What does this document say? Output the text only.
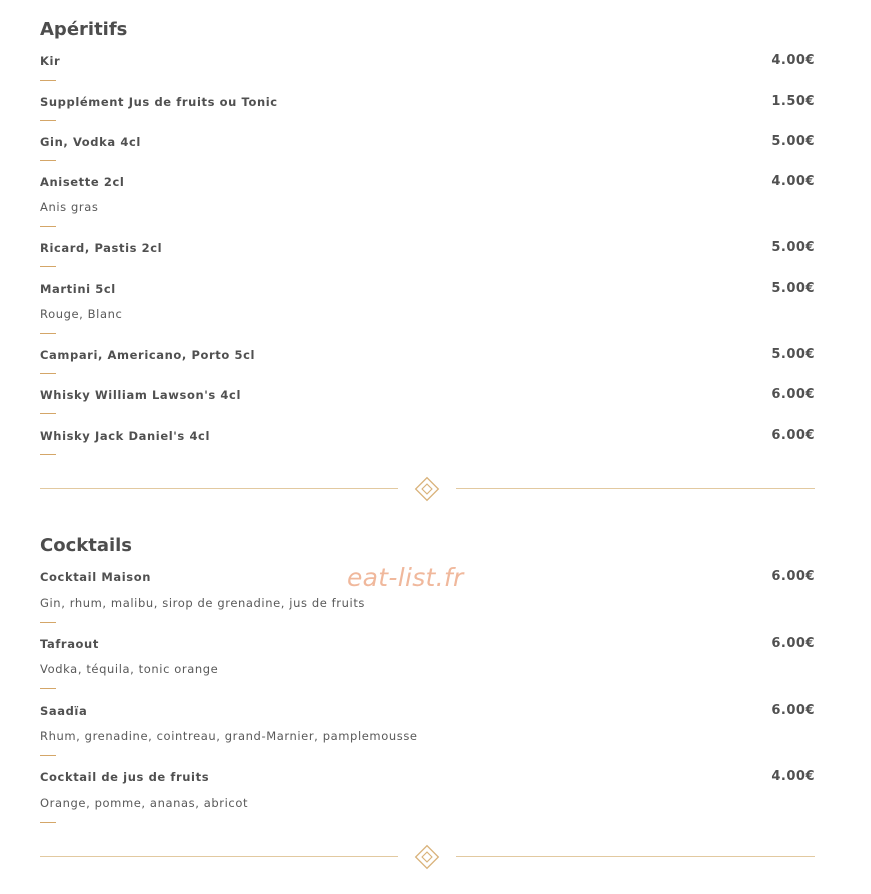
Apéritifs
Kir	4.00€
Supplément Jus de fruits ou Tonic	1.50€
Gin, Vodka 4cl	5.00€
Anisette 2cl	4.00€
Anis gras
Ricard, Pastis 2cl	5.00€
Martini 5cl	5.00€
Rouge, Blanc
Campari, Americano, Porto 5cl	5.00€
Whisky William Lawson's 4cl	6.00€
Whisky Jack Daniel's 4cl	6.00€
Cocktails
Cocktail Maison	6.00€
Gin, rhum, malibu, sirop de grenadine, jus de fruits
Tafraout	6.00€
Vodka, téquila, tonic orange
Saadïa	6.00€
Rhum, grenadine, cointreau, grand-Marnier, pamplemousse
Cocktail de jus de fruits	4.00€
Orange, pomme, ananas, abricot
eat-list.fr
